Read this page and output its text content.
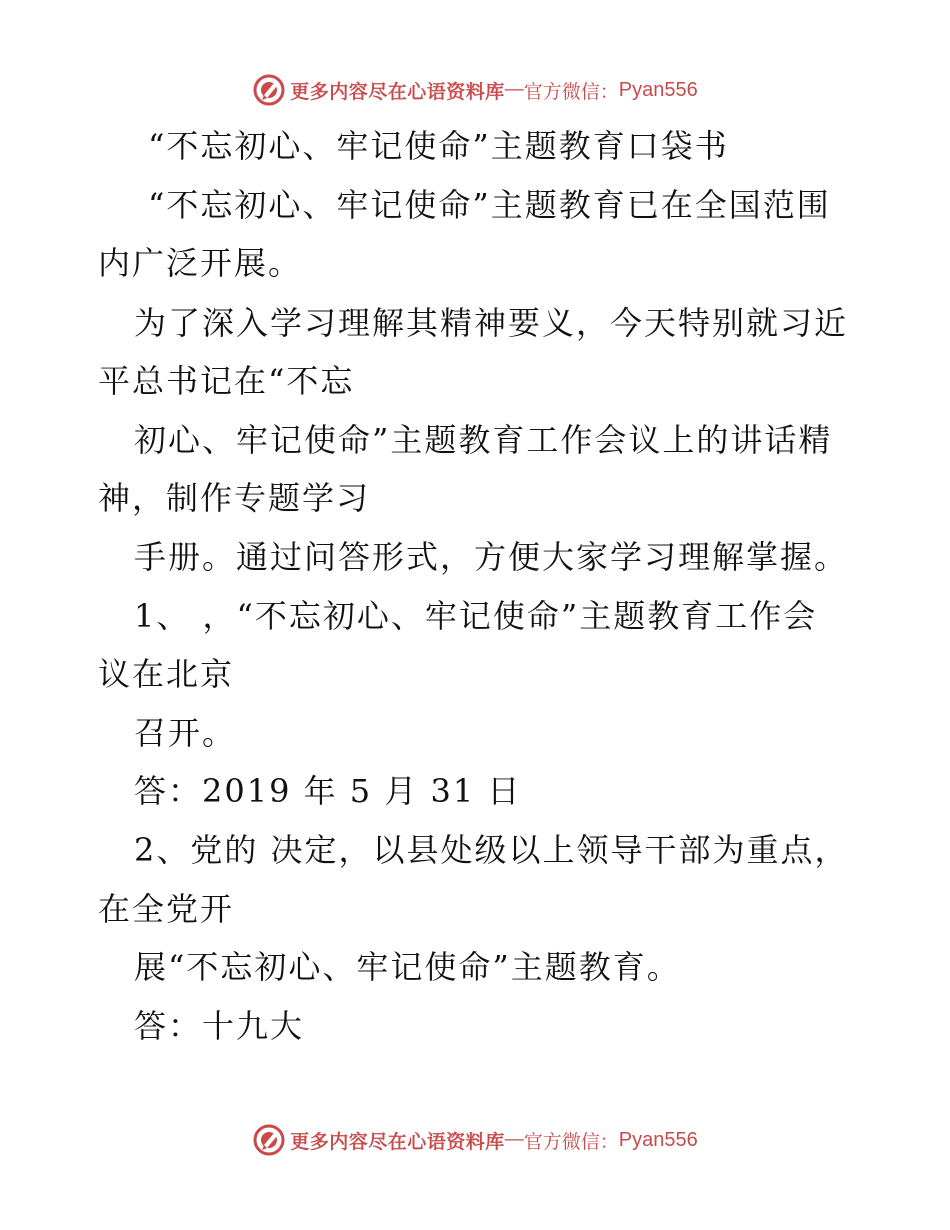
更多内容尽在心语资料库 — 官方微信： Pyan556
“不忘初心、牢记使命”主题教育口袋书
“不忘初心、牢记使命”主题教育已在全国范围
内广泛开展。
为了深入学习理解其精神要义，今天特别就习近
平总书记在“不忘
初心、牢记使命”主题教育工作会议上的讲话精
神，制作专题学习
手册。通过问答形式，方便大家学习理解掌握。
1、 ，“不忘初心、牢记使命”主题教育工作会
议在北京
召开。
答：2019 年 5 月 31 日
2、党的 决定，以县处级以上领导干部为重点，
在全党开
展“不忘初心、牢记使命”主题教育。
答：十九大
更多内容尽在心语资料库 — 官方微信： Pyan556
